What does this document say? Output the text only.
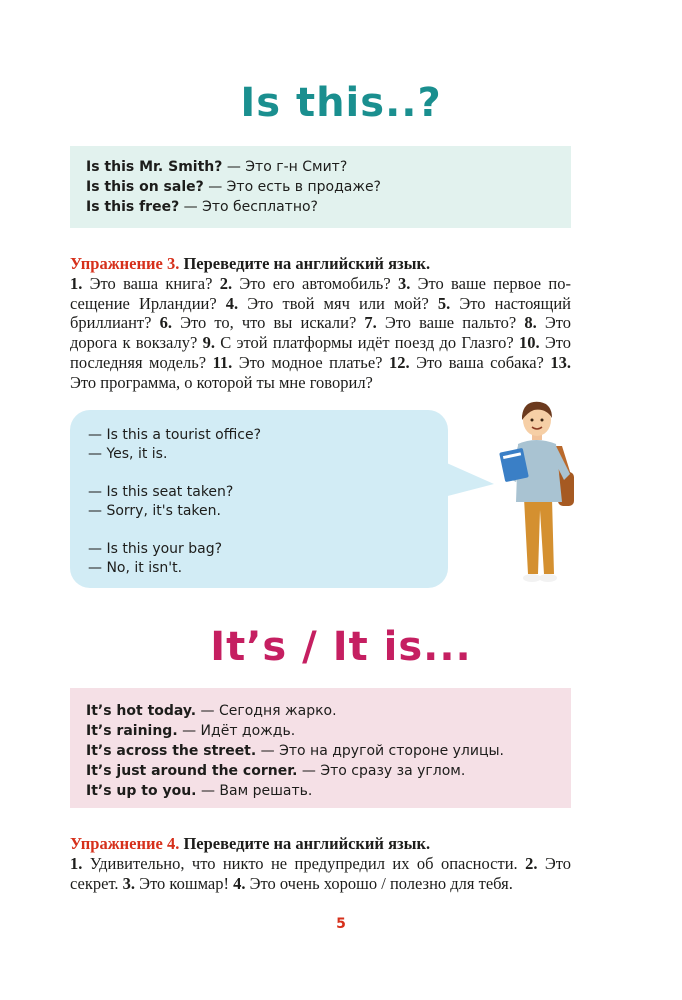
Is this..?
Is this Mr. Smith? — Это г-н Смит?
Is this on sale? — Это есть в продаже?
Is this free? — Это бесплатно?
Упражнение 3. Переведите на английский язык.
1. Это ваша книга? 2. Это его автомобиль? 3. Это ваше первое посещение Ирландии? 4. Это твой мяч или мой? 5. Это настоящий бриллиант? 6. Это то, что вы искали? 7. Это ваше пальто? 8. Это дорога к вокзалу? 9. С этой платформы идёт поезд до Глазго? 10. Это последняя модель? 11. Это модное платье? 12. Это ваша собака? 13. Это программа, о которой ты мне говорил?
— Is this a tourist office?
— Yes, it is.
— Is this seat taken?
— Sorry, it's taken.
— Is this your bag?
— No, it isn't.
It’s / It is...
It’s hot today. — Сегодня жарко.
It’s raining. — Идёт дождь.
It’s across the street. — Это на другой стороне улицы.
It’s just around the corner. — Это сразу за углом.
It’s up to you. — Вам решать.
Упражнение 4. Переведите на английский язык.
1. Удивительно, что никто не предупредил их об опасности. 2. Это секрет. 3. Это кошмар! 4. Это очень хорошо / полезно для тебя.
5
